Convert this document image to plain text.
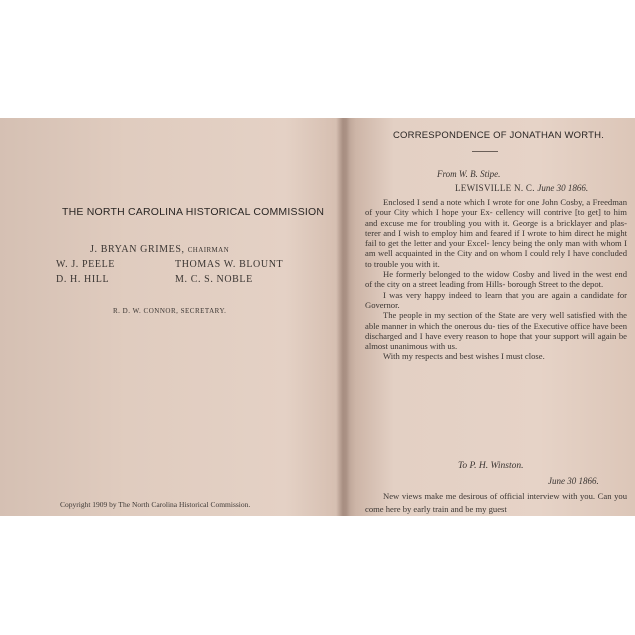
THE NORTH CAROLINA HISTORICAL COMMISSION
J. BRYAN GRIMES, CHAIRMAN
W. J. PEELE	THOMAS W. BLOUNT
D. H. HILL	M. C. S. NOBLE
R. D. W. CONNOR, SECRETARY.
Copyright 1909 by The North Carolina Historical Commission.
CORRESPONDENCE OF JONATHAN WORTH.
From W. B. Stipe.
LEWISVILLE N. C. June 30 1866.

Enclosed I send a note which I wrote for one John Cosby, a Freedman of your City which I hope your Ex- cellency will contrive [to get] to him and excuse me for troubling you with it. George is a bricklayer and plas- terer and I wish to employ him and feared if I wrote to him direct he might fail to get the letter and your Excel- lency being the only man with whom I am well acquainted in the City and on whom I could rely I have concluded to trouble you with it.

He formerly belonged to the widow Cosby and lived in the west end of the city on a street leading from Hills- borough Street to the depot.

I was very happy indeed to learn that you are again a candidate for Governor.

The people in my section of the State are very well satisfied with the able manner in which the onerous du- ties of the Executive office have been discharged and I have every reason to hope that your support will again be almost unanimous with us.

With my respects and best wishes I must close.

To P. H. Winston.
June 30 1866.

New views make me desirous of official interview with you. Can you come here by early train and be my guest
